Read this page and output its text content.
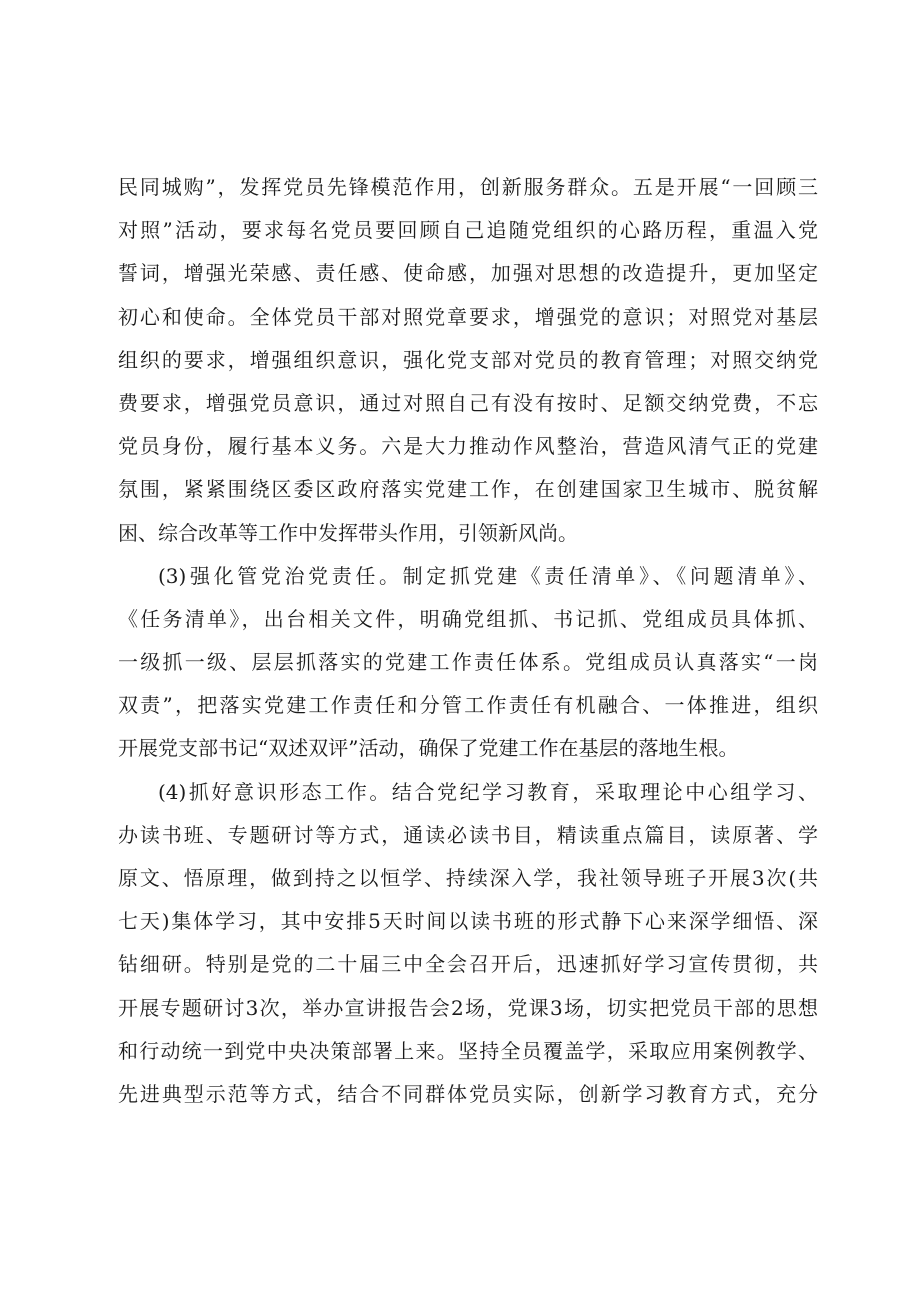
民同城购”，发挥党员先锋模范作用，创新服务群众。五是开展“一回顾三

对照”活动，要求每名党员要回顾自己追随党组织的心路历程，重温入党

誓词，增强光荣感、责任感、使命感，加强对思想的改造提升，更加坚定

初心和使命。全体党员干部对照党章要求，增强党的意识；对照党对基层

组织的要求，增强组织意识，强化党支部对党员的教育管理；对照交纳党

费要求，增强党员意识，通过对照自己有没有按时、足额交纳党费，不忘

党员身份，履行基本义务。六是大力推动作风整治，营造风清气正的党建

氛围，紧紧围绕区委区政府落实党建工作，在创建国家卫生城市、脱贫解

困、综合改革等工作中发挥带头作用，引领新风尚。

(3)强化管党治党责任。制定抓党建《责任清单》、《问题清单》、

《任务清单》，出台相关文件，明确党组抓、书记抓、党组成员具体抓、

一级抓一级、层层抓落实的党建工作责任体系。党组成员认真落实“一岗

双责”，把落实党建工作责任和分管工作责任有机融合、一体推进，组织

开展党支部书记“双述双评”活动，确保了党建工作在基层的落地生根。

(4)抓好意识形态工作。结合党纪学习教育，采取理论中心组学习、

办读书班、专题研讨等方式，通读必读书目，精读重点篇目，读原著、学

原文、悟原理，做到持之以恒学、持续深入学，我社领导班子开展3次(共

七天)集体学习，其中安排5天时间以读书班的形式静下心来深学细悟、深

钻细研。特别是党的二十届三中全会召开后，迅速抓好学习宣传贯彻，共

开展专题研讨3次，举办宣讲报告会2场，党课3场，切实把党员干部的思想

和行动统一到党中央决策部署上来。坚持全员覆盖学，采取应用案例教学、

先进典型示范等方式，结合不同群体党员实际，创新学习教育方式，充分
